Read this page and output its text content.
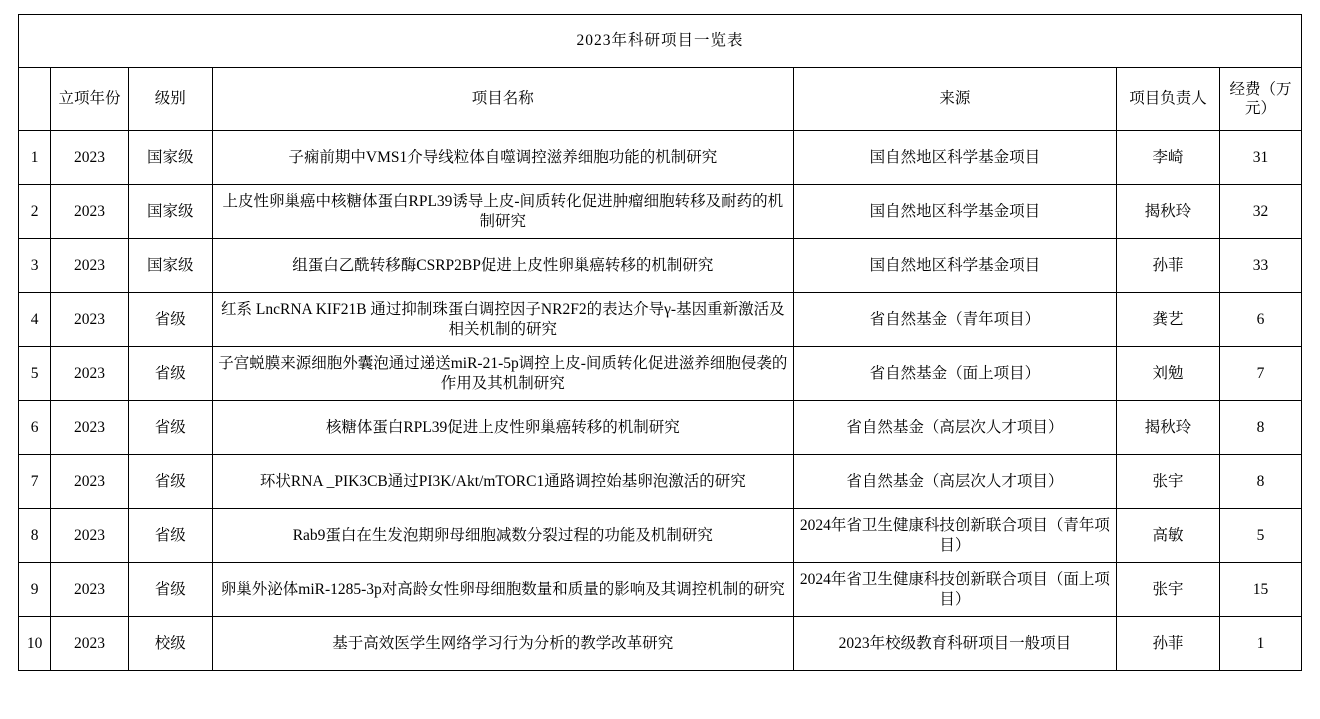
2023年科研项目一览表						
	立项年份	级别	项目名称	来源	项目负责人	经费（万元）
1	2023	国家级	子痫前期中VMS1介导线粒体自噬调控滋养细胞功能的机制研究	国自然地区科学基金项目	李崎	31
2	2023	国家级	上皮性卵巢癌中核糖体蛋白RPL39诱导上皮-间质转化促进肿瘤细胞转移及耐药的机制研究	国自然地区科学基金项目	揭秋玲	32
3	2023	国家级	组蛋白乙酰转移酶CSRP2BP促进上皮性卵巢癌转移的机制研究	国自然地区科学基金项目	孙菲	33
4	2023	省级	红系 LncRNA KIF21B 通过抑制珠蛋白调控因子NR2F2的表达介导γ-基因重新激活及相关机制的研究	省自然基金（青年项目）	龚艺	6
5	2023	省级	子宫蜕膜来源细胞外囊泡通过递送miR-21-5p调控上皮-间质转化促进滋养细胞侵袭的作用及其机制研究	省自然基金（面上项目）	刘勉	7
6	2023	省级	核糖体蛋白RPL39促进上皮性卵巢癌转移的机制研究	省自然基金（高层次人才项目）	揭秋玲	8
7	2023	省级	环状RNA _PIK3CB通过PI3K/Akt/mTORC1通路调控始基卵泡激活的研究	省自然基金（高层次人才项目）	张宇	8
8	2023	省级	Rab9蛋白在生发泡期卵母细胞减数分裂过程的功能及机制研究	2024年省卫生健康科技创新联合项目（青年项目）	高敏	5
9	2023	省级	卵巢外泌体miR-1285-3p对高龄女性卵母细胞数量和质量的影响及其调控机制的研究	2024年省卫生健康科技创新联合项目（面上项目）	张宇	15
10	2023	校级	基于高效医学生网络学习行为分析的教学改革研究	2023年校级教育科研项目一般项目	孙菲	1
